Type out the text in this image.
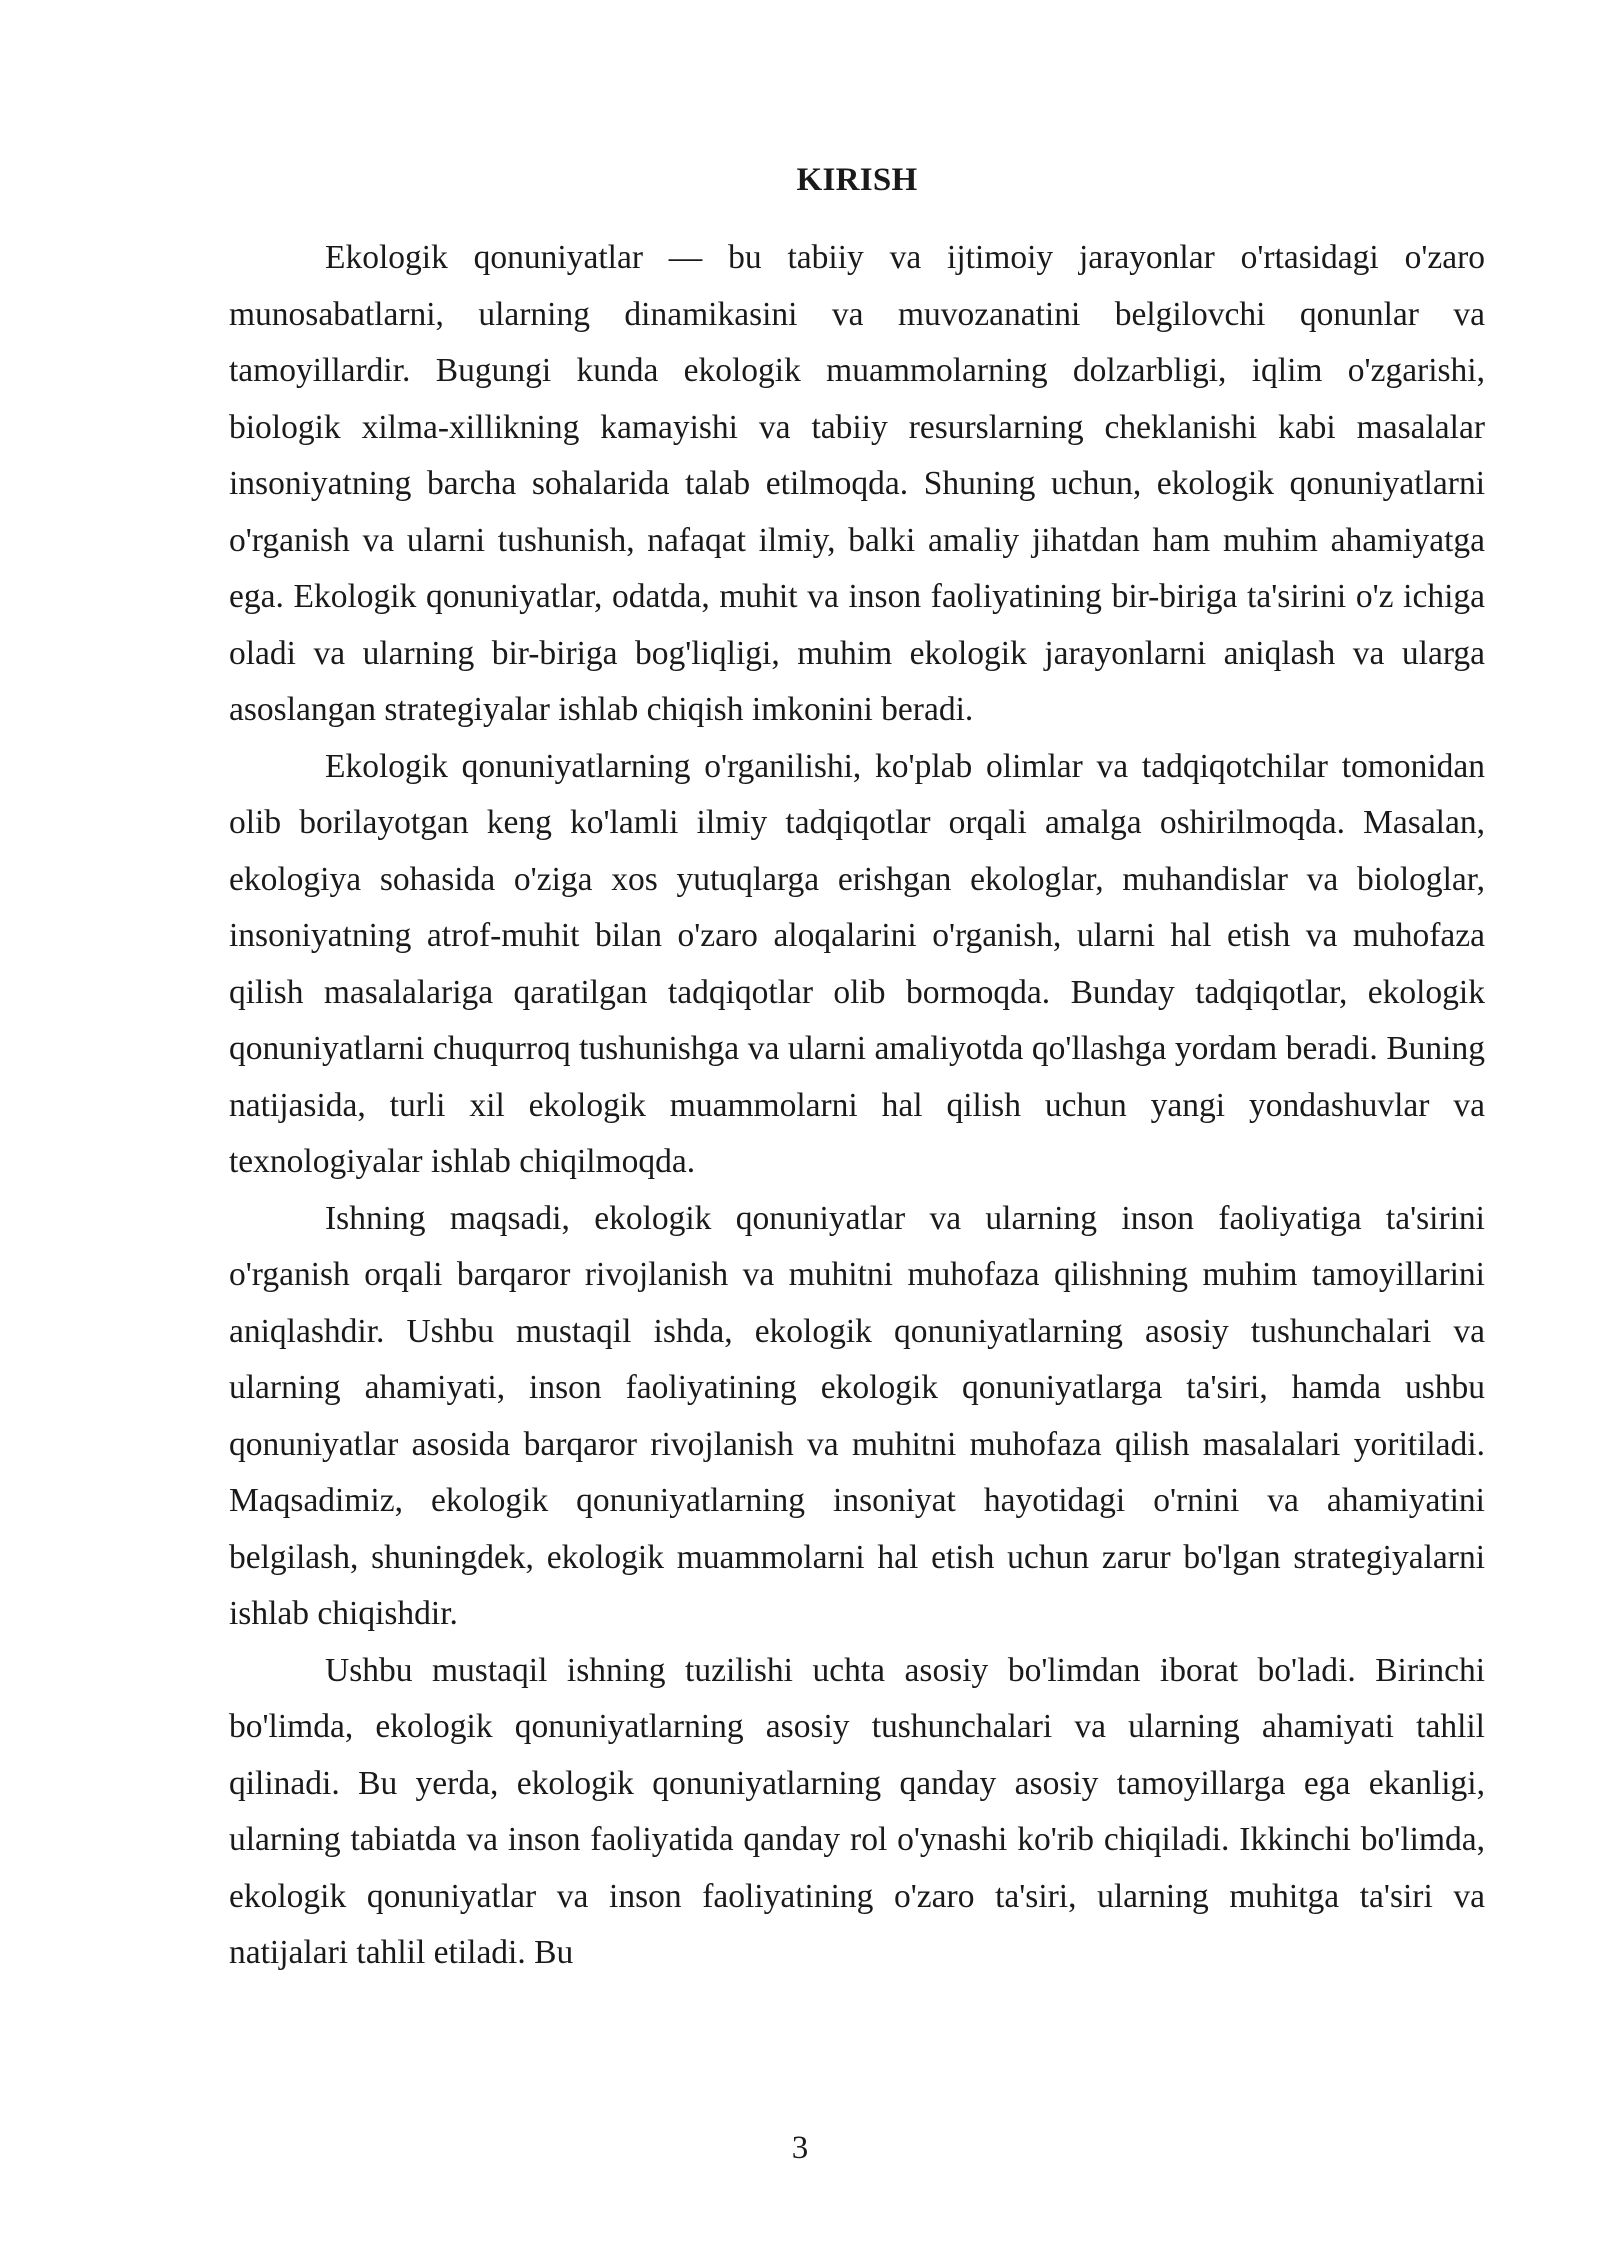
KIRISH

Ekologik qonuniyatlar — bu tabiiy va ijtimoiy jarayonlar o'rtasidagi o'zaro munosabatlarni, ularning dinamikasini va muvozanatini belgilovchi qonunlar va tamoyillardir. Bugungi kunda ekologik muammolarning dolzarbligi, iqlim o'zgarishi, biologik xilma-xillikning kamayishi va tabiiy resurslarning cheklanishi kabi masalalar insoniyatning barcha sohalarida talab etilmoqda. Shuning uchun, ekologik qonuniyatlarni o'rganish va ularni tushunish, nafaqat ilmiy, balki amaliy jihatdan ham muhim ahamiyatga ega. Ekologik qonuniyatlar, odatda, muhit va inson faoliyatining bir-biriga ta'sirini o'z ichiga oladi va ularning bir-biriga bog'liqligi, muhim ekologik jarayonlarni aniqlash va ularga asoslangan strategiyalar ishlab chiqish imkonini beradi.

Ekologik qonuniyatlarning o'rganilishi, ko'plab olimlar va tadqiqotchilar tomonidan olib borilayotgan keng ko'lamli ilmiy tadqiqotlar orqali amalga oshirilmoqda. Masalan, ekologiya sohasida o'ziga xos yutuqlarga erishgan ekologlar, muhandislar va biologlar, insoniyatning atrof-muhit bilan o'zaro aloqalarini o'rganish, ularni hal etish va muhofaza qilish masalalariga qaratilgan tadqiqotlar olib bormoqda. Bunday tadqiqotlar, ekologik qonuniyatlarni chuqurroq tushunishga va ularni amaliyotda qo'llashga yordam beradi. Buning natijasida, turli xil ekologik muammolarni hal qilish uchun yangi yondashuvlar va texnologiyalar ishlab chiqilmoqda.

Ishning maqsadi, ekologik qonuniyatlar va ularning inson faoliyatiga ta'sirini o'rganish orqali barqaror rivojlanish va muhitni muhofaza qilishning muhim tamoyillarini aniqlashdir. Ushbu mustaqil ishda, ekologik qonuniyatlarning asosiy tushunchalari va ularning ahamiyati, inson faoliyatining ekologik qonuniyatlarga ta'siri, hamda ushbu qonuniyatlar asosida barqaror rivojlanish va muhitni muhofaza qilish masalalari yoritiladi. Maqsadimiz, ekologik qonuniyatlarning insoniyat hayotidagi o'rnini va ahamiyatini belgilash, shuningdek, ekologik muammolarni hal etish uchun zarur bo'lgan strategiyalarni ishlab chiqishdir.

Ushbu mustaqil ishning tuzilishi uchta asosiy bo'limdan iborat bo'ladi. Birinchi bo'limda, ekologik qonuniyatlarning asosiy tushunchalari va ularning ahamiyati tahlil qilinadi. Bu yerda, ekologik qonuniyatlarning qanday asosiy tamoyillarga ega ekanligi, ularning tabiatda va inson faoliyatida qanday rol o'ynashi ko'rib chiqiladi. Ikkinchi bo'limda, ekologik qonuniyatlar va inson faoliyatining o'zaro ta'siri, ularning muhitga ta'siri va natijalari tahlil etiladi. Bu

3
